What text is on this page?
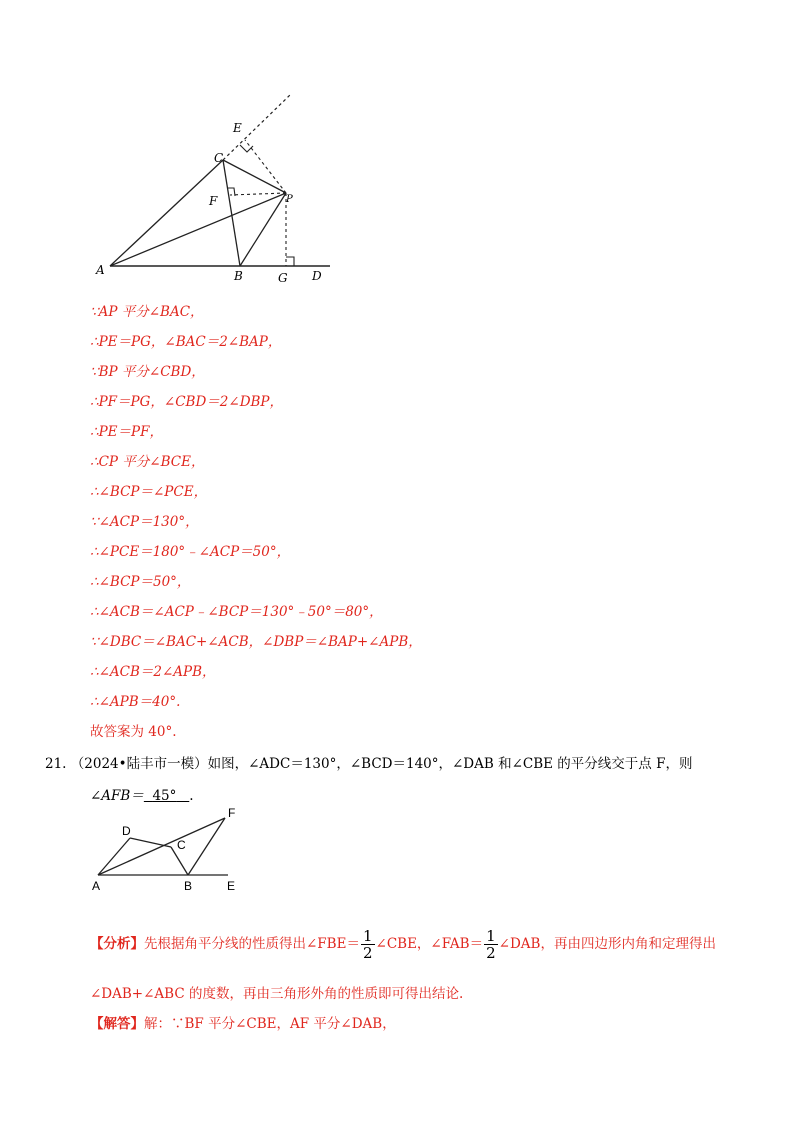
E
C
F	P
A	B	G D
∵AP 平分∠BAC，
∴PE＝PG，∠BAC＝2∠BAP，
∵BP 平分∠CBD，
∴PF＝PG，∠CBD＝2∠DBP，
∴PE＝PF，
∴CP 平分∠BCE，
∴∠BCP＝∠PCE，
∵∠ACP＝130°，
∴∠PCE＝180°﹣∠ACP＝50°，
∴∠BCP＝50°，
∴∠ACB＝∠ACP﹣∠BCP＝130°﹣50°＝80°，
∵∠DBC＝∠BAC+∠ACB，∠DBP＝∠BAP+∠APB，
∴∠ACB＝2∠APB，
∴∠APB＝40°.
故答案为 40°.
21. （2024•陆丰市一模）如图，∠ADC＝130°，∠BCD＝140°，∠DAB 和∠CBE 的平分线交于点 F，则
∠AFB＝ 45° .
D
F
C
A	B	E
【分析】先根据角平分线的性质得出∠FBE＝ $\frac{1}{2}$ ∠CBE，∠FAB＝ $\frac{1}{2}$ ∠DAB，再由四边形内角和定理得出
∠DAB+∠ABC 的度数，再由三角形外角的性质即可得出结论.
【解答】解：∵BF 平分∠CBE，AF 平分∠DAB，
